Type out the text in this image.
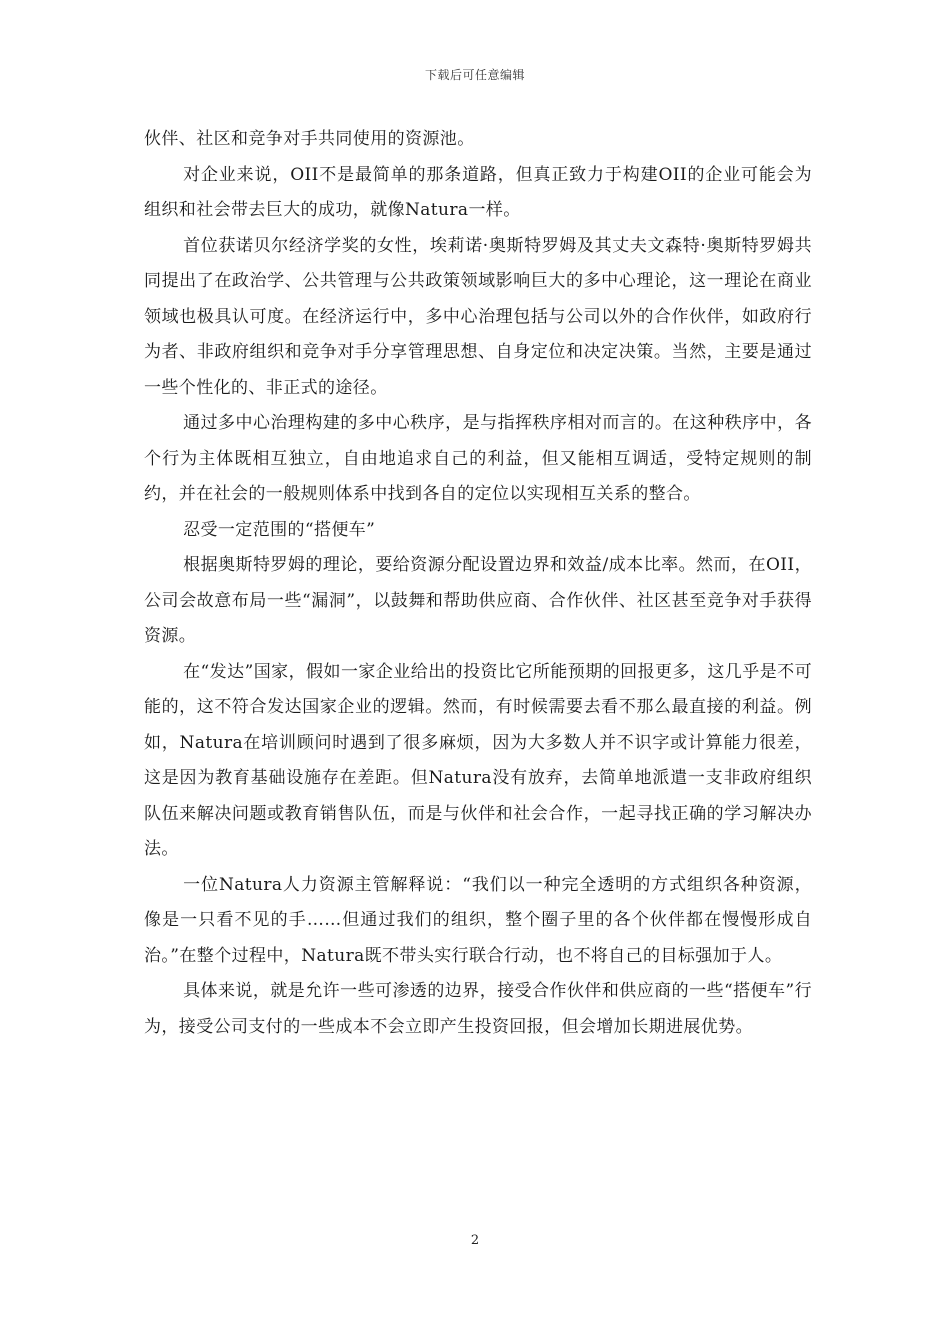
下载后可任意编辑

伙伴、社区和竞争对手共同使用的资源池。

对企业来说，OII不是最简单的那条道路，但真正致力于构建OII的企业可能会为组织和社会带去巨大的成功，就像Natura一样。

首位获诺贝尔经济学奖的女性，埃莉诺·奥斯特罗姆及其丈夫文森特·奥斯特罗姆共同提出了在政治学、公共管理与公共政策领域影响巨大的多中心理论，这一理论在商业领域也极具认可度。在经济运行中，多中心治理包括与公司以外的合作伙伴，如政府行为者、非政府组织和竞争对手分享管理思想、自身定位和决定决策。当然，主要是通过一些个性化的、非正式的途径。

通过多中心治理构建的多中心秩序，是与指挥秩序相对而言的。在这种秩序中，各个行为主体既相互独立，自由地追求自己的利益，但又能相互调适，受特定规则的制约，并在社会的一般规则体系中找到各自的定位以实现相互关系的整合。

忍受一定范围的“搭便车”

根据奥斯特罗姆的理论，要给资源分配设置边界和效益/成本比率。然而，在OII，公司会故意布局一些“漏洞”，以鼓舞和帮助供应商、合作伙伴、社区甚至竞争对手获得资源。

在“发达”国家，假如一家企业给出的投资比它所能预期的回报更多，这几乎是不可能的，这不符合发达国家企业的逻辑。然而，有时候需要去看不那么最直接的利益。例如，Natura在培训顾问时遇到了很多麻烦，因为大多数人并不识字或计算能力很差，这是因为教育基础设施存在差距。但Natura没有放弃，去简单地派遣一支非政府组织队伍来解决问题或教育销售队伍，而是与伙伴和社会合作，一起寻找正确的学习解决办法。

一位Natura人力资源主管解释说：“我们以一种完全透明的方式组织各种资源，像是一只看不见的手……但通过我们的组织，整个圈子里的各个伙伴都在慢慢形成自治。”在整个过程中，Natura既不带头实行联合行动，也不将自己的目标强加于人。

具体来说，就是允许一些可渗透的边界，接受合作伙伴和供应商的一些“搭便车”行为，接受公司支付的一些成本不会立即产生投资回报，但会增加长期进展优势。

2
